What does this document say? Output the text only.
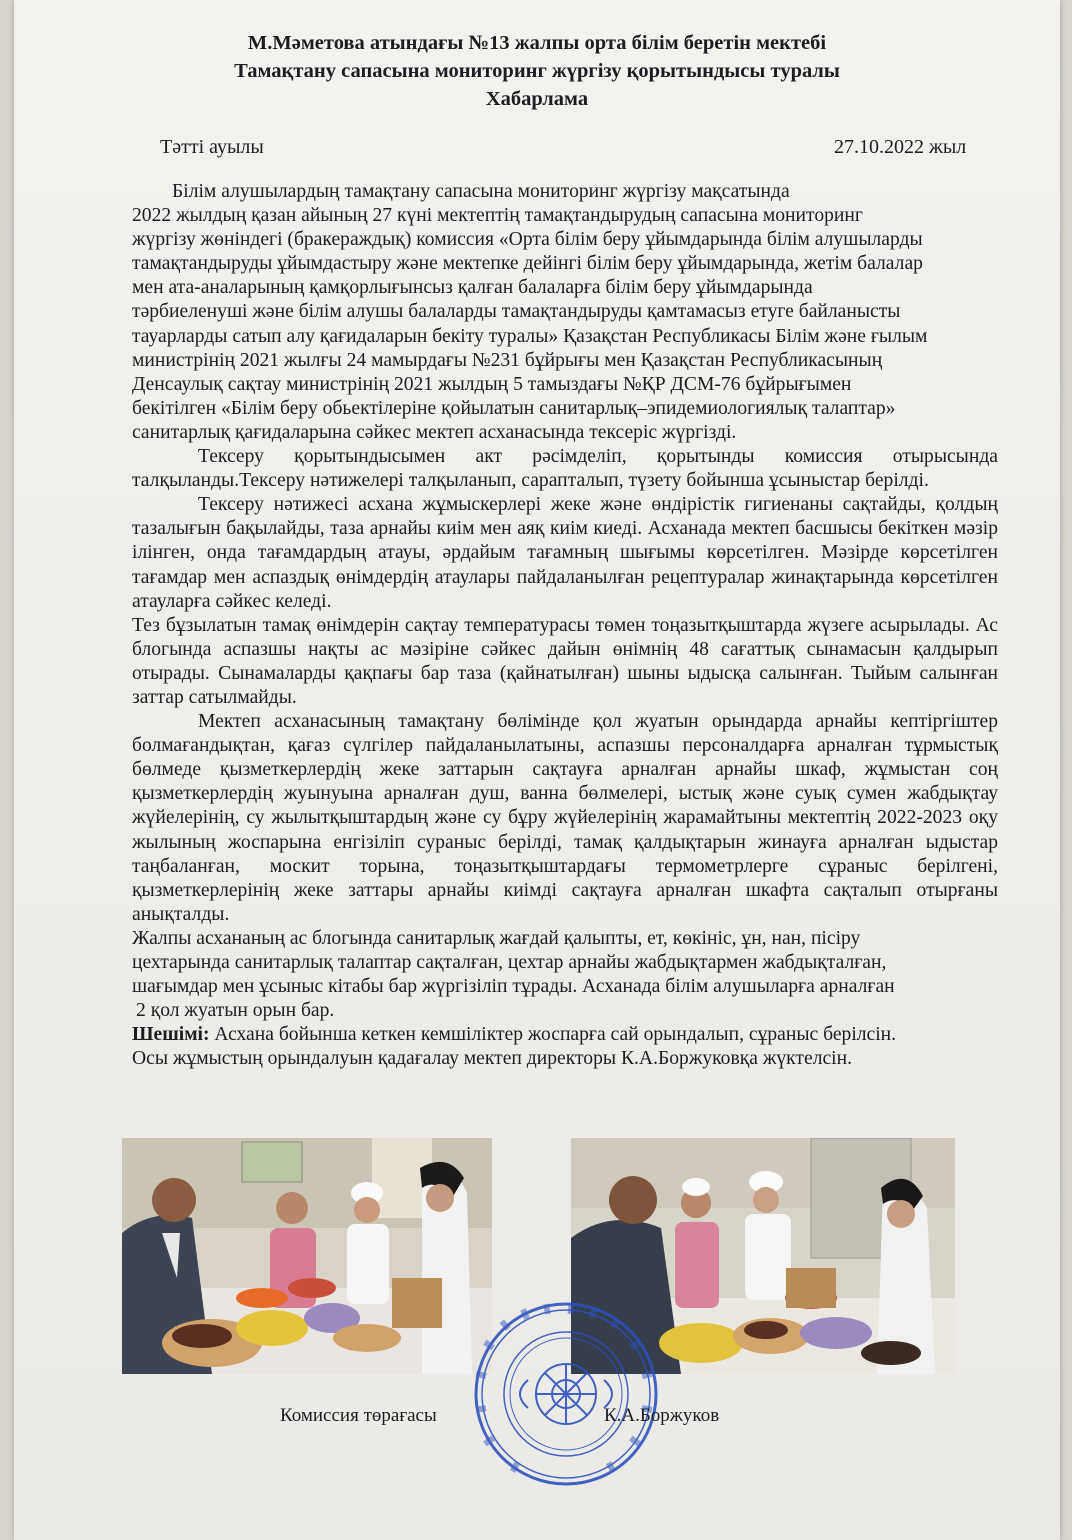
М.Мәметова атындағы №13 жалпы орта білім беретін мектебі
Тамақтану сапасына мониторинг жүргізу қорытындысы туралы
Хабарлама
Тәтті ауылы	27.10.2022 жыл

Білім алушылардың тамақтану сапасына мониторинг жүргізу мақсатында

2022 жылдың қазан айының 27 күні мектептің тамақтандырудың сапасына мониторинг

жүргізу жөніндегі (бракераждық) комиссия «Орта білім беру ұйымдарында білім алушыларды

тамақтандыруды ұйымдастыру және мектепке дейінгі білім беру ұйымдарында, жетім балалар

мен ата-аналарының қамқорлығынсыз қалған балаларға білім беру ұйымдарында

тәрбиеленуші және білім алушы балаларды тамақтандыруды қамтамасыз етуге байланысты

тауарларды сатып алу қағидаларын бекіту туралы» Қазақстан Республикасы Білім және ғылым

министрінің 2021 жылғы 24 мамырдағы №231 бұйрығы мен Қазақстан Республикасының

Денсаулық сақтау министрінің 2021 жылдың 5 тамыздағы №ҚР ДСМ-76 бұйрығымен

бекітілген «Білім беру обьектілеріне қойылатын санитарлық–эпидемиологиялық талаптар»

санитарлық қағидаларына сәйкес мектеп асханасында тексеріс жүргізді.

Тексеру қорытындысымен акт рәсімделіп, қорытынды комиссия отырысында талқыланды.Тексеру нәтижелері талқыланып, сарапталып, түзету бойынша ұсыныстар берілді.

Тексеру нәтижесі асхана жұмыскерлері жеке және өндірістік гигиенаны сақтайды, қолдың тазалығын бақылайды, таза арнайы киім мен аяқ киім киеді. Асханада мектеп басшысы бекіткен мәзір ілінген, онда тағамдардың атауы, әрдайым тағамның шығымы көрсетілген. Мәзірде көрсетілген тағамдар мен аспаздық өнімдердің атаулары пайдаланылған рецептуралар жинақтарында көрсетілген атауларға сәйкес келеді.

Тез бұзылатын тамақ өнімдерін сақтау температурасы төмен тоңазытқыштарда жүзеге асырылады. Ас блогында аспазшы нақты ас мәзіріне сәйкес дайын өнімнің 48 сағаттық сынамасын қалдырып отырады. Сынамаларды қақпағы бар таза (қайнатылған) шыны ыдысқа салынған. Тыйым салынған заттар сатылмайды.

Мектеп асханасының тамақтану бөлімінде қол жуатын орындарда арнайы кептіргіштер болмағандықтан, қағаз сүлгілер пайдаланылатыны, аспазшы персоналдарға арналған тұрмыстық бөлмеде қызметкерлердің жеке заттарын сақтауға арналған арнайы шкаф, жұмыстан соң қызметкерлердің жуынуына арналған душ, ванна бөлмелері, ыстық және суық сумен жабдықтау жүйелерінің, су жылытқыштардың және су бұру жүйелерінің жарамайтыны мектептің 2022-2023 оқу жылының жоспарына енгізіліп сураныс берілді, тамақ қалдықтарын жинауға арналған ыдыстар таңбаланған, москит торына, тоңазытқыштардағы термометрлерге сұраныс берілгені, қызметкерлерінің жеке заттары арнайы киімді сақтауға арналған шкафта сақталып отырғаны анықталды.

Жалпы асхананың ас блогында санитарлық жағдай қалыпты, ет, көкініс, ұн, нан, пісіру

цехтарында санитарлық талаптар сақталған, цехтар арнайы жабдықтармен жабдықталған,

шағымдар мен ұсыныс кітабы бар жүргізіліп тұрады. Асханада білім алушыларға арналған

2 қол жуатын орын бар.

Шешімі: Асхана бойынша кеткен кемшіліктер жоспарға сай орындалып, сұраныс берілсін.

Осы жұмыстың орындалуын қадағалау мектеп директоры К.А.Боржуковқа жүктелсін.

Комиссия төрағасы	К.А.Боржуков
